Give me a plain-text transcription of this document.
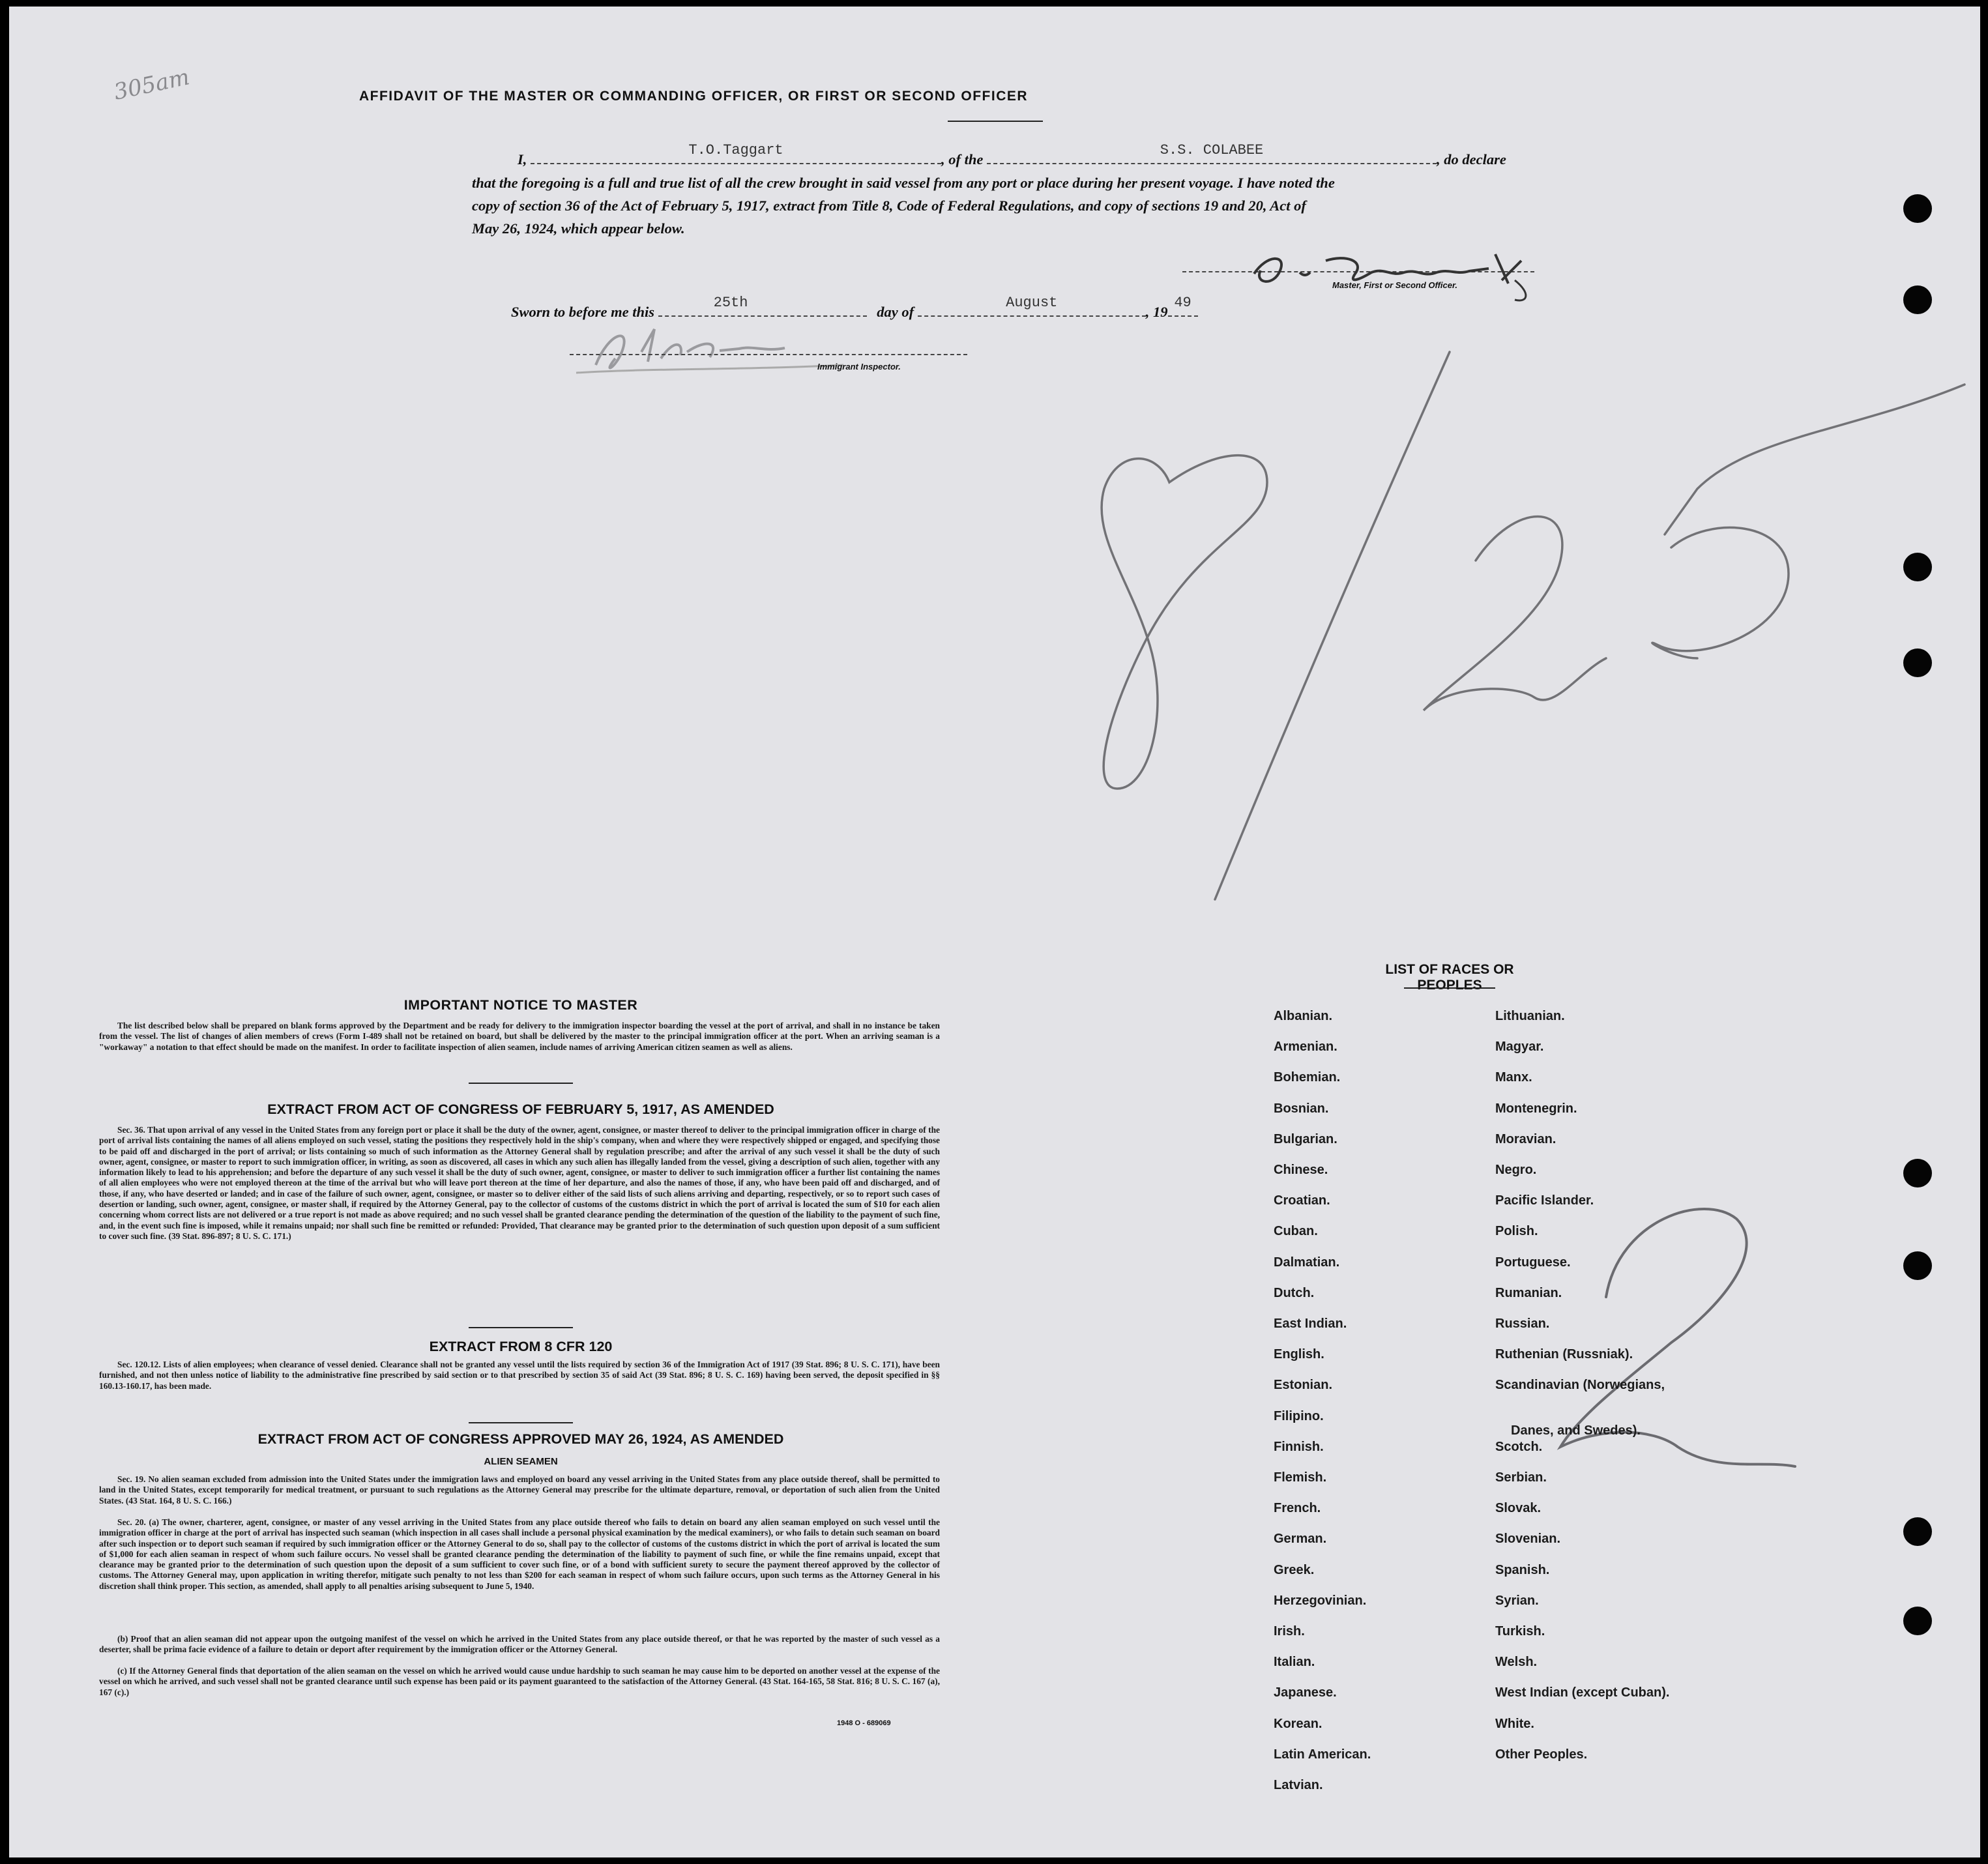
305am	AFFIDAVIT OF THE MASTER OR COMMANDING OFFICER, OR FIRST OR SECOND OFFICER
I,
T.O.Taggart
, of the
S.S. COLABEE
, do declare
that the foregoing is a full and true list of all the crew brought in said vessel from any port or place during her present voyage. I have noted the
copy of section 36 of the Act of February 5, 1917, extract from Title 8, Code of Federal Regulations, and copy of sections 19 and 20, Act of
May 26, 1924, which appear below.
Master, First or Second Officer.
Sworn to before me this
25th
day of
August
, 19
49
Immigrant Inspector.
IMPORTANT NOTICE TO MASTER

The list described below shall be prepared on blank forms approved by the Department and be ready for delivery to the immigration inspector boarding the vessel at the port of arrival, and shall in no instance be taken from the vessel. The list of changes of alien members of crews (Form I-489 shall not be retained on board, but shall be delivered by the master to the principal immigration officer at the port. When an arriving seaman is a "workaway" a notation to that effect should be made on the manifest. In order to facilitate inspection of alien seamen, include names of arriving American citizen seamen as well as aliens.

EXTRACT FROM ACT OF CONGRESS OF FEBRUARY 5, 1917, AS AMENDED

Sec. 36. That upon arrival of any vessel in the United States from any foreign port or place it shall be the duty of the owner, agent, consignee, or master thereof to deliver to the principal immigration officer in charge of the port of arrival lists containing the names of all aliens employed on such vessel, stating the positions they respectively hold in the ship's company, when and where they were respectively shipped or engaged, and specifying those to be paid off and discharged in the port of arrival; or lists containing so much of such information as the Attorney General shall by regulation prescribe; and after the arrival of any such vessel it shall be the duty of such owner, agent, consignee, or master to report to such immigration officer, in writing, as soon as discovered, all cases in which any such alien has illegally landed from the vessel, giving a description of such alien, together with any information likely to lead to his apprehension; and before the departure of any such vessel it shall be the duty of such owner, agent, consignee, or master to deliver to such immigration officer a further list containing the names of all alien employees who were not employed thereon at the time of the arrival but who will leave port thereon at the time of her departure, and also the names of those, if any, who have been paid off and discharged, and of those, if any, who have deserted or landed; and in case of the failure of such owner, agent, consignee, or master so to deliver either of the said lists of such aliens arriving and departing, respectively, or so to report such cases of desertion or landing, such owner, agent, consignee, or master shall, if required by the Attorney General, pay to the collector of customs of the customs district in which the port of arrival is located the sum of $10 for each alien concerning whom correct lists are not delivered or a true report is not made as above required; and no such vessel shall be granted clearance pending the determination of the question of the liability to the payment of such fine, and, in the event such fine is imposed, while it remains unpaid; nor shall such fine be remitted or refunded: Provided, That clearance may be granted prior to the determination of such question upon deposit of a sum sufficient to cover such fine. (39 Stat. 896-897; 8 U. S. C. 171.)

EXTRACT FROM 8 CFR 120

Sec. 120.12. Lists of alien employees; when clearance of vessel denied. Clearance shall not be granted any vessel until the lists required by section 36 of the Immigration Act of 1917 (39 Stat. 896; 8 U. S. C. 171), have been furnished, and not then unless notice of liability to the administrative fine prescribed by said section or to that prescribed by section 35 of said Act (39 Stat. 896; 8 U. S. C. 169) having been served, the deposit specified in §§ 160.13-160.17, has been made.

EXTRACT FROM ACT OF CONGRESS APPROVED MAY 26, 1924, AS AMENDED
ALIEN SEAMEN

Sec. 19. No alien seaman excluded from admission into the United States under the immigration laws and employed on board any vessel arriving in the United States from any place outside thereof, shall be permitted to land in the United States, except temporarily for medical treatment, or pursuant to such regulations as the Attorney General may prescribe for the ultimate departure, removal, or deportation of such alien from the United States. (43 Stat. 164, 8 U. S. C. 166.)

Sec. 20. (a) The owner, charterer, agent, consignee, or master of any vessel arriving in the United States from any place outside thereof who fails to detain on board any alien seaman employed on such vessel until the immigration officer in charge at the port of arrival has inspected such seaman (which inspection in all cases shall include a personal physical examination by the medical examiners), or who fails to detain such seaman on board after such inspection or to deport such seaman if required by such immigration officer or the Attorney General to do so, shall pay to the collector of customs of the customs district in which the port of arrival is located the sum of $1,000 for each alien seaman in respect of whom such failure occurs. No vessel shall be granted clearance pending the determination of the liability to payment of such fine, or while the fine remains unpaid, except that clearance may be granted prior to the determination of such question upon the deposit of a sum sufficient to cover such fine, or of a bond with sufficient surety to secure the payment thereof approved by the collector of customs. The Attorney General may, upon application in writing therefor, mitigate such penalty to not less than $200 for each seaman in respect of whom such failure occurs, upon such terms as the Attorney General in his discretion shall think proper. This section, as amended, shall apply to all penalties arising subsequent to June 5, 1940.

(b) Proof that an alien seaman did not appear upon the outgoing manifest of the vessel on which he arrived in the United States from any place outside thereof, or that he was reported by the master of such vessel as a deserter, shall be prima facie evidence of a failure to detain or deport after requirement by the immigration officer or the Attorney General.

(c) If the Attorney General finds that deportation of the alien seaman on the vessel on which he arrived would cause undue hardship to such seaman he may cause him to be deported on another vessel at the expense of the vessel on which he arrived, and such vessel shall not be granted clearance until such expense has been paid or its payment guaranteed to the satisfaction of the Attorney General. (43 Stat. 164-165, 58 Stat. 816; 8 U. S. C. 167 (a), 167 (c).)

1948 O - 689069
LIST OF RACES OR PEOPLES
Albanian.
Armenian.
Bohemian.
Bosnian.
Bulgarian.
Chinese.
Croatian.
Cuban.
Dalmatian.
Dutch.
East Indian.
English.
Estonian.
Filipino.
Finnish.
Flemish.
French.
German.
Greek.
Herzegovinian.
Irish.
Italian.
Japanese.
Korean.
Latin American.
Latvian.
Lithuanian.
Magyar.
Manx.
Montenegrin.
Moravian.
Negro.
Pacific Islander.
Polish.
Portuguese.
Rumanian.
Russian.
Ruthenian (Russniak).
Scandinavian (Norwegians,
Danes, and Swedes).
Scotch.
Serbian.
Slovak.
Slovenian.
Spanish.
Syrian.
Turkish.
Welsh.
West Indian (except Cuban).
White.
Other Peoples.
